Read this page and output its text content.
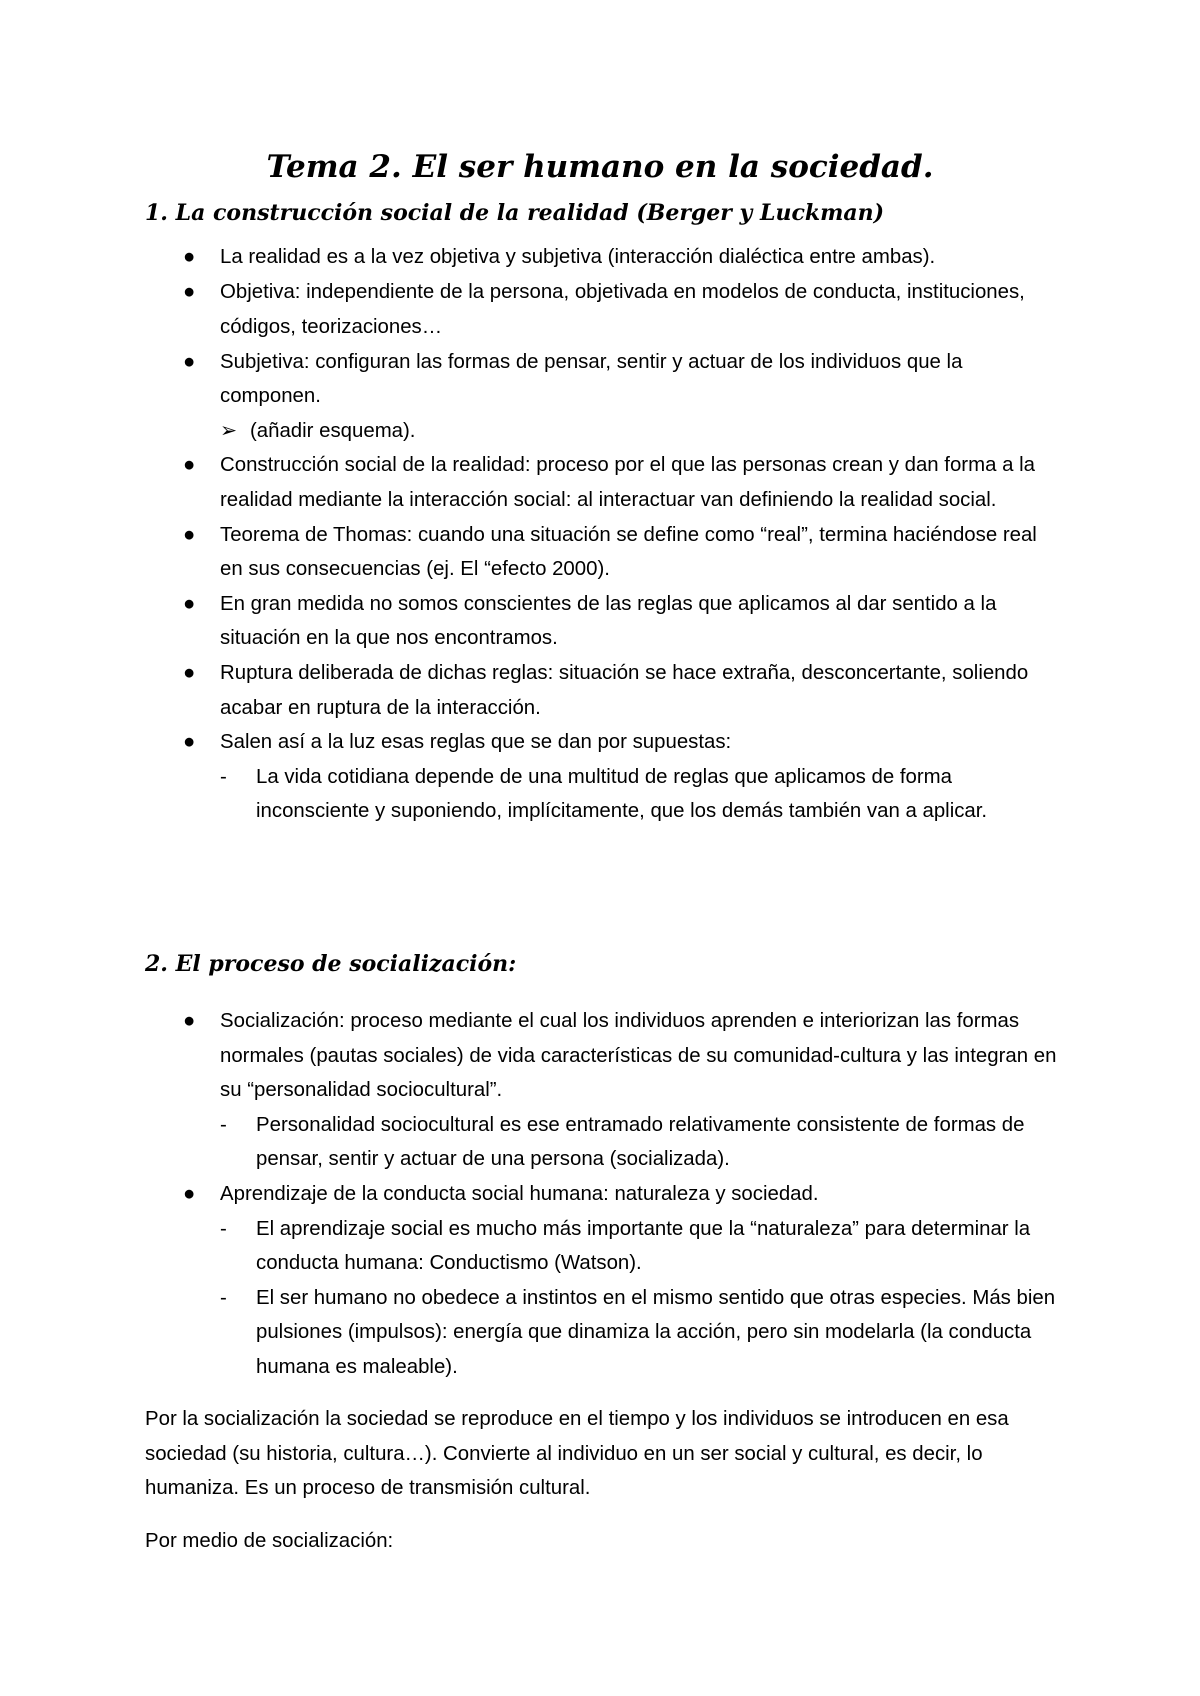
Tema 2. El ser humano en la sociedad.
1. La construcción social de la realidad (Berger y Luckman)
●	La realidad es a la vez objetiva y subjetiva (interacción dialéctica entre ambas).
●	Objetiva: independiente de la persona, objetivada en modelos de conducta, instituciones, códigos, teorizaciones…
●	Subjetiva: configuran las formas de pensar, sentir y actuar de los individuos que la componen.
➢ (añadir esquema).
●	Construcción social de la realidad: proceso por el que las personas crean y dan forma a la realidad mediante la interacción social: al interactuar van definiendo la realidad social.
●	Teorema de Thomas: cuando una situación se define como “real”, termina haciéndose real en sus consecuencias (ej. El “efecto 2000).
●	En gran medida no somos conscientes de las reglas que aplicamos al dar sentido a la situación en la que nos encontramos.
●	Ruptura deliberada de dichas reglas: situación se hace extraña, desconcertante, soliendo acabar en ruptura de la interacción.
●	Salen así a la luz esas reglas que se dan por supuestas:
-	La vida cotidiana depende de una multitud de reglas que aplicamos de forma inconsciente y suponiendo, implícitamente, que los demás también van a aplicar.
2. El proceso de socialización:
●	Socialización: proceso mediante el cual los individuos aprenden e interiorizan las formas normales (pautas sociales) de vida características de su comunidad-cultura y las integran en su “personalidad sociocultural”.
-	Personalidad sociocultural es ese entramado relativamente consistente de formas de pensar, sentir y actuar de una persona (socializada).
●	Aprendizaje de la conducta social humana: naturaleza y sociedad.
-	El aprendizaje social es mucho más importante que la “naturaleza” para determinar la conducta humana: Conductismo (Watson).
-	El ser humano no obedece a instintos en el mismo sentido que otras especies. Más bien pulsiones (impulsos): energía que dinamiza la acción, pero sin modelarla (la conducta humana es maleable).

Por la socialización la sociedad se reproduce en el tiempo y los individuos se introducen en esa sociedad (su historia, cultura…). Convierte al individuo en un ser social y cultural, es decir, lo humaniza. Es un proceso de transmisión cultural.

Por medio de socialización:
